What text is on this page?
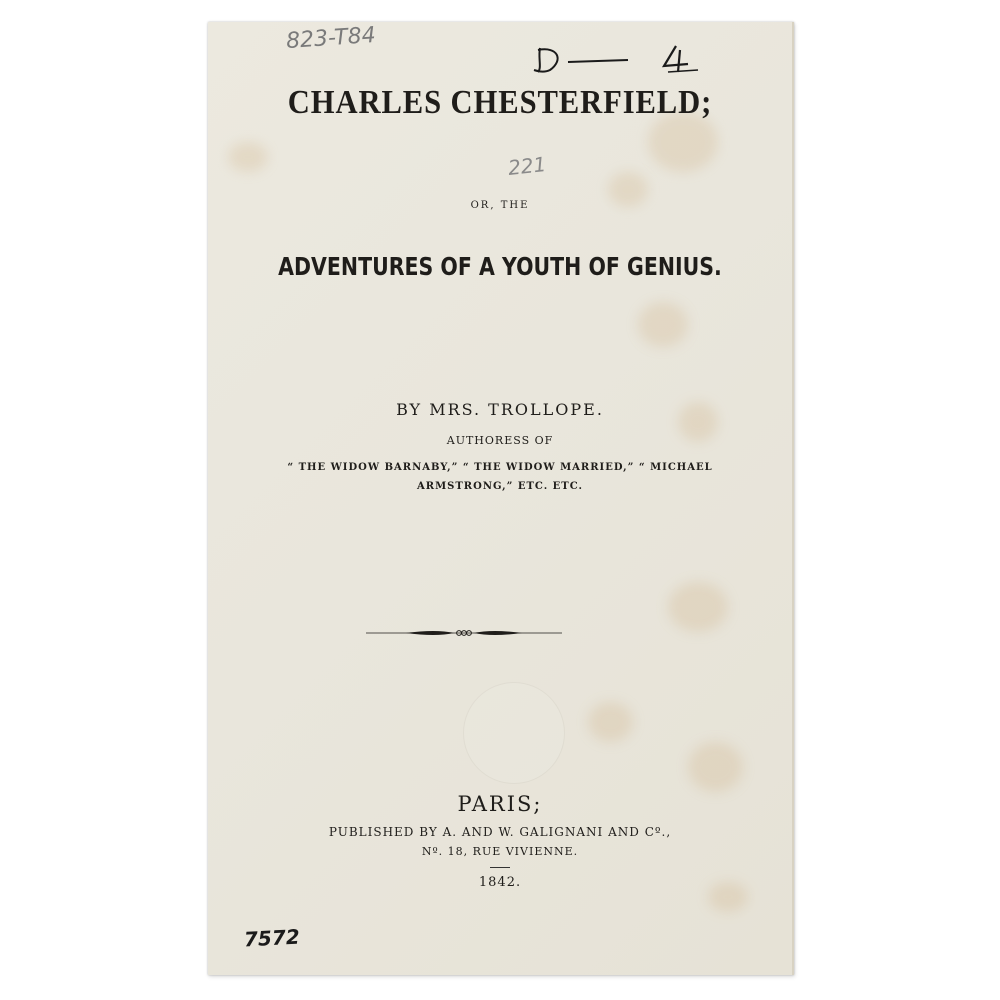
823-T84
221
7572
CHARLES CHESTERFIELD;
OR, THE
ADVENTURES OF A YOUTH OF GENIUS.
BY MRS. TROLLOPE.
AUTHORESS OF
“ THE WIDOW BARNABY,” “ THE WIDOW MARRIED,” “ MICHAEL
ARMSTRONG,” ETC. ETC.
PARIS;
PUBLISHED BY A. AND W. GALIGNANI AND Cº.,
Nº. 18, RUE VIVIENNE.
1842.
